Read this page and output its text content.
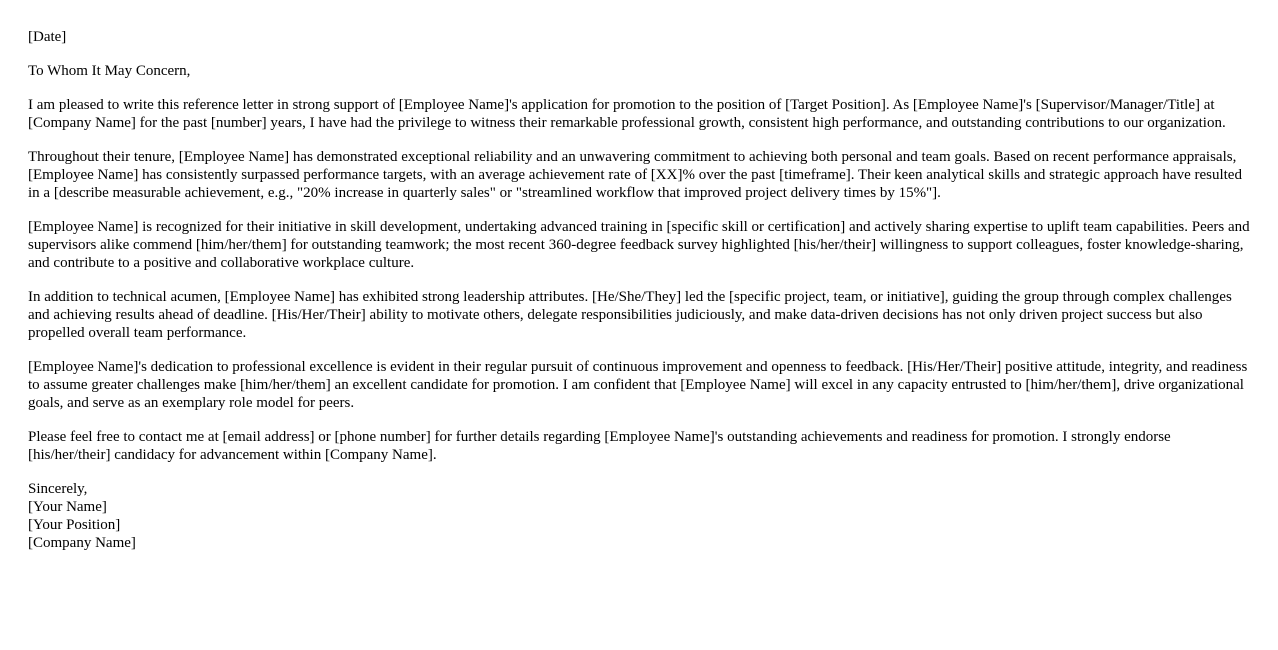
[Date]

To Whom It May Concern,

I am pleased to write this reference letter in strong support of [Employee Name]'s application for promotion to the position of [Target Position]. As [Employee Name]'s [Supervisor/Manager/Title] at [Company Name] for the past [number] years, I have had the privilege to witness their remarkable professional growth, consistent high performance, and outstanding contributions to our organization.

Throughout their tenure, [Employee Name] has demonstrated exceptional reliability and an unwavering commitment to achieving both personal and team goals. Based on recent performance appraisals, [Employee Name] has consistently surpassed performance targets, with an average achievement rate of [XX]% over the past [timeframe]. Their keen analytical skills and strategic approach have resulted in a [describe measurable achievement, e.g., "20% increase in quarterly sales" or "streamlined workflow that improved project delivery times by 15%"].

[Employee Name] is recognized for their initiative in skill development, undertaking advanced training in [specific skill or certification] and actively sharing expertise to uplift team capabilities. Peers and supervisors alike commend [him/her/them] for outstanding teamwork; the most recent 360-degree feedback survey highlighted [his/her/their] willingness to support colleagues, foster knowledge-sharing, and contribute to a positive and collaborative workplace culture.

In addition to technical acumen, [Employee Name] has exhibited strong leadership attributes. [He/She/They] led the [specific project, team, or initiative], guiding the group through complex challenges and achieving results ahead of deadline. [His/Her/Their] ability to motivate others, delegate responsibilities judiciously, and make data-driven decisions has not only driven project success but also propelled overall team performance.

[Employee Name]'s dedication to professional excellence is evident in their regular pursuit of continuous improvement and openness to feedback. [His/Her/Their] positive attitude, integrity, and readiness to assume greater challenges make [him/her/them] an excellent candidate for promotion. I am confident that [Employee Name] will excel in any capacity entrusted to [him/her/them], drive organizational goals, and serve as an exemplary role model for peers.

Please feel free to contact me at [email address] or [phone number] for further details regarding [Employee Name]'s outstanding achievements and readiness for promotion. I strongly endorse [his/her/their] candidacy for advancement within [Company Name].

Sincerely,
[Your Name]
[Your Position]
[Company Name]
